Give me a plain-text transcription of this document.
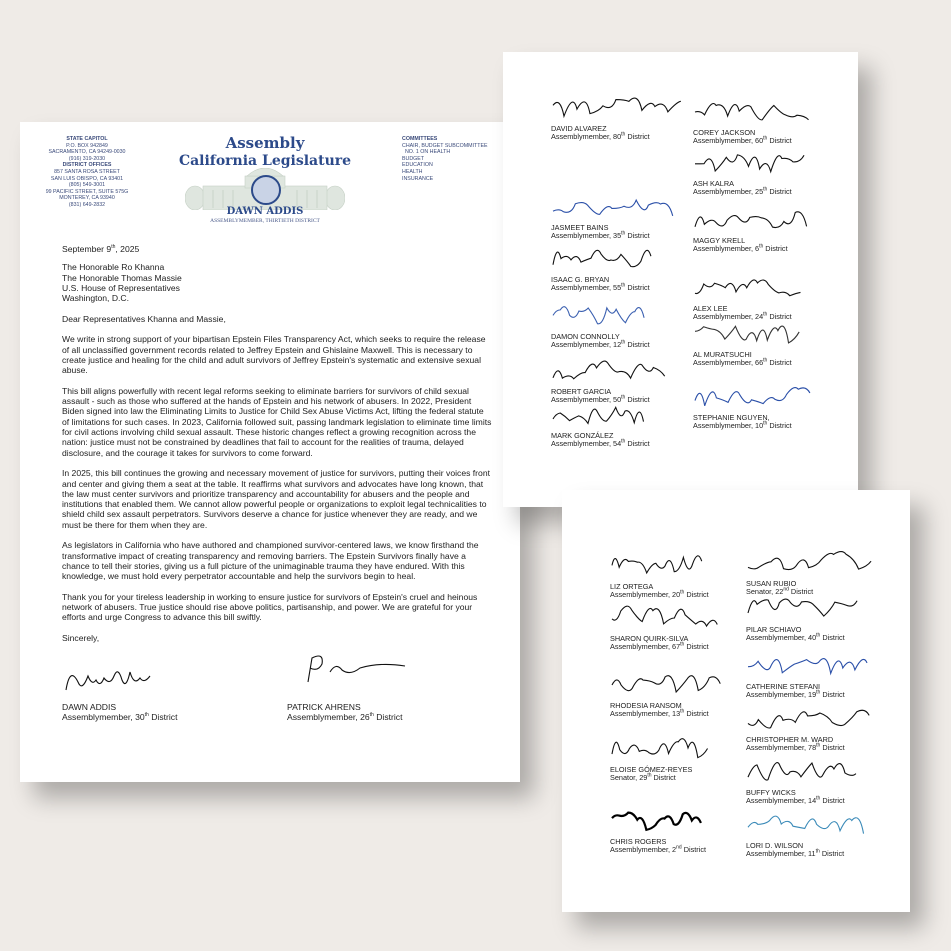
STATE CAPITOL
P.O. BOX 942849
SACRAMENTO, CA 94249-0030
(916) 319-2030
DISTRICT OFFICES
857 SANTA ROSA STREET
SAN LUIS OBISPO, CA 93401
(805) 549-3001
99 PACIFIC STREET, SUITE 575G
MONTEREY, CA 93940
(831) 649-2832
Assembly
California Legislature
DAWN ADDIS
ASSEMBLYMEMBER, THIRTIETH DISTRICT
COMMITTEES
CHAIR, BUDGET SUBCOMMITTEE
NO. 1 ON HEALTH
BUDGET
EDUCATION
HEALTH
INSURANCE

September 9th, 2025

The Honorable Ro Khanna
The Honorable Thomas Massie
U.S. House of Representatives
Washington, D.C.

Dear Representatives Khanna and Massie,

We write in strong support of your bipartisan Epstein Files Transparency Act, which seeks to require the release of all unclassified government records related to Jeffrey Epstein and Ghislaine Maxwell. This is necessary to create justice and healing for the child and adult survivors of Jeffrey Epstein's systematic and extensive sexual abuse.

This bill aligns powerfully with recent legal reforms seeking to eliminate barriers for survivors of child sexual assault - such as those who suffered at the hands of Epstein and his network of abusers. In 2022, President Biden signed into law the Eliminating Limits to Justice for Child Sex Abuse Victims Act, lifting the federal statute of limitations for such cases. In 2023, California followed suit, passing landmark legislation to eliminate time limits for civil actions involving child sexual assault. These historic changes reflect a growing recognition across the nation: justice must not be constrained by deadlines that fail to account for the realities of trauma, delayed disclosure, and the courage it takes for survivors to come forward.

In 2025, this bill continues the growing and necessary movement of justice for survivors, putting their voices front and center and giving them a seat at the table. It reaffirms what survivors and advocates have long known, that the law must center survivors and prioritize transparency and accountability for abusers and the people and institutions that enabled them. We cannot allow powerful people or organizations to exploit legal technicalities to shield child sex assault perpetrators. Survivors deserve a chance for justice whenever they are ready, and we must be there for them when they are.

As legislators in California who have authored and championed survivor-centered laws, we know firsthand the transformative impact of creating transparency and removing barriers. The Epstein Survivors finally have a chance to tell their stories, giving us a full picture of the unimaginable trauma they have endured. With this knowledge, we must hold every perpetrator accountable and help the survivors begin to heal.

Thank you for your tireless leadership in working to ensure justice for survivors of Epstein's cruel and heinous network of abusers. True justice should rise above politics, partisanship, and power. We are grateful for your efforts and urge Congress to advance this bill swiftly.

Sincerely,

DAWN ADDIS
Assemblymember, 30th District
PATRICK AHRENS
Assemblymember, 26th District
DAVID ALVAREZ
Assemblymember, 80th District
JASMEET BAINS
Assemblymember, 35th District
ISAAC G. BRYAN
Assemblymember, 55th District
DAMON CONNOLLY
Assemblymember, 12th District
ROBERT GARCIA
Assemblymember, 50th District
MARK GONZÁLEZ
Assemblymember, 54th District
COREY JACKSON
Assemblymember, 60th District
ASH KALRA
Assemblymember, 25th District
MAGGY KRELL
Assemblymember, 6th District
ALEX LEE
Assemblymember, 24th District
AL MURATSUCHI
Assemblymember, 66th District
STEPHANIE NGUYEN,
Assemblymember, 10th District
LIZ ORTEGA
Assemblymember, 20th District
SHARON QUIRK-SILVA
Assemblymember, 67th District
RHODESIA RANSOM
Assemblymember, 13th District
ELOISE GÓMEZ-REYES
Senator, 29th District
CHRIS ROGERS
Assemblymember, 2nd District
SUSAN RUBIO
Senator, 22nd District
PILAR SCHIAVO
Assemblymember, 40th District
CATHERINE STEFANI
Assemblymember, 19th District
CHRISTOPHER M. WARD
Assemblymember, 78th District
BUFFY WICKS
Assemblymember, 14th District
LORI D. WILSON
Assemblymember, 11th District
